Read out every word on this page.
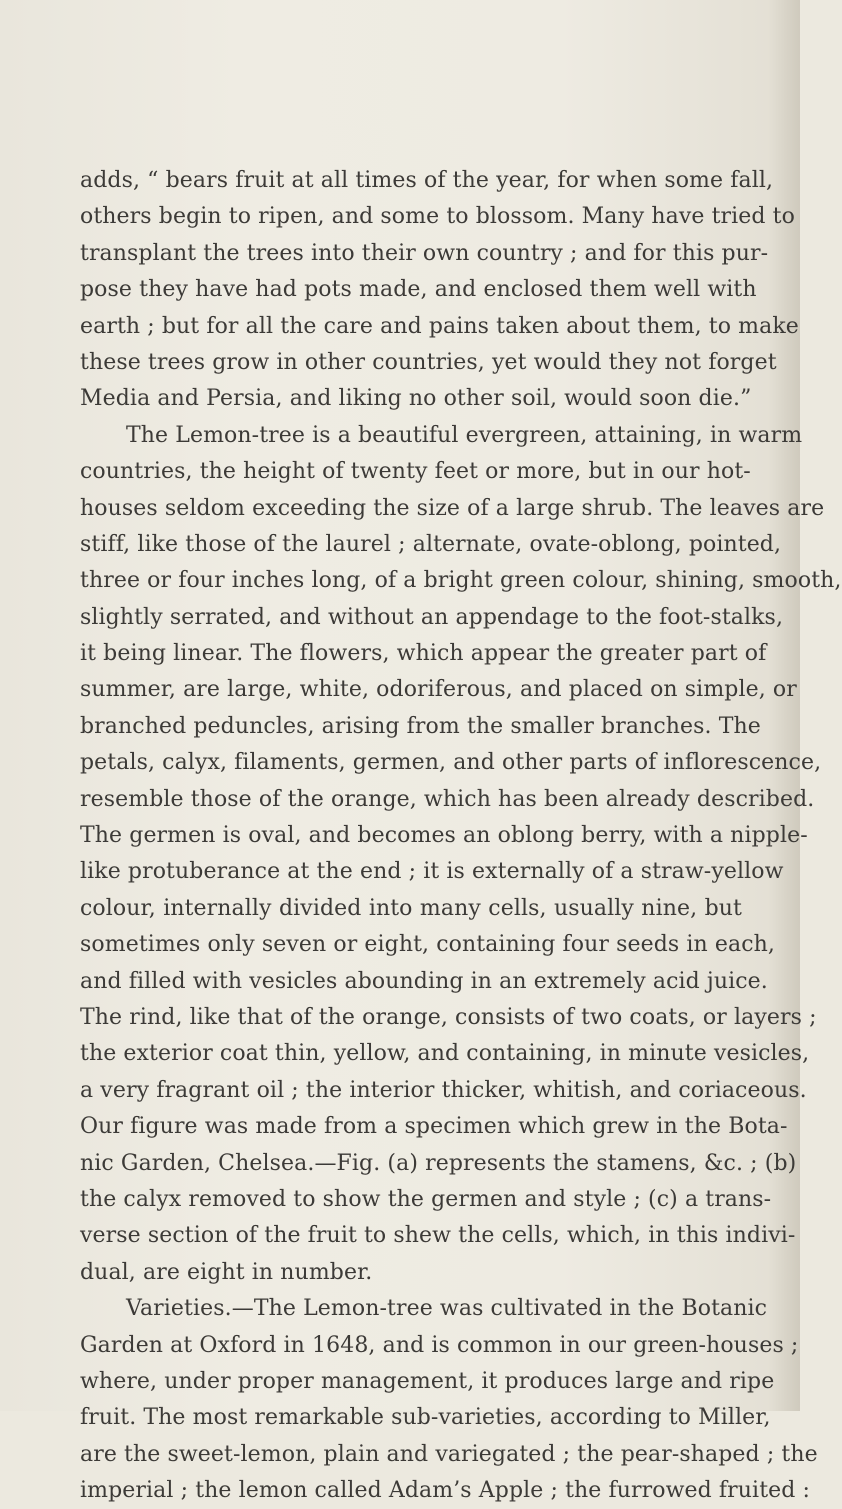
adds, “ bears fruit at all times of the year, for when some fall,
others begin to ripen, and some to blossom. Many have tried to
transplant the trees into their own country ; and for this pur-
pose they have had pots made, and enclosed them well with
earth ; but for all the care and pains taken about them, to make
these trees grow in other countries, yet would they not forget
Media and Persia, and liking no other soil, would soon die.”
The Lemon-tree is a beautiful evergreen, attaining, in warm
countries, the height of twenty feet or more, but in our hot-
houses seldom exceeding the size of a large shrub. The leaves are
stiff, like those of the laurel ; alternate, ovate-oblong, pointed,
three or four inches long, of a bright green colour, shining, smooth,
slightly serrated, and without an appendage to the foot-stalks,
it being linear. The flowers, which appear the greater part of
summer, are large, white, odoriferous, and placed on simple, or
branched peduncles, arising from the smaller branches. The
petals, calyx, filaments, germen, and other parts of inflorescence,
resemble those of the orange, which has been already described.
The germen is oval, and becomes an oblong berry, with a nipple-
like protuberance at the end ; it is externally of a straw-yellow
colour, internally divided into many cells, usually nine, but
sometimes only seven or eight, containing four seeds in each,
and filled with vesicles abounding in an extremely acid juice.
The rind, like that of the orange, consists of two coats, or layers ;
the exterior coat thin, yellow, and containing, in minute vesicles,
a very fragrant oil ; the interior thicker, whitish, and coriaceous.
Our figure was made from a specimen which grew in the Bota-
nic Garden, Chelsea.—Fig. (a) represents the stamens, &c. ; (b)
the calyx removed to show the germen and style ; (c) a trans-
verse section of the fruit to shew the cells, which, in this indivi-
dual, are eight in number.
Varieties.—The Lemon-tree was cultivated in the Botanic
Garden at Oxford in 1648, and is common in our green-houses ;
where, under proper management, it produces large and ripe
fruit. The most remarkable sub-varieties, according to Miller,
are the sweet-lemon, plain and variegated ; the pear-shaped ; the
imperial ; the lemon called Adam’s Apple ; the furrowed fruited :
